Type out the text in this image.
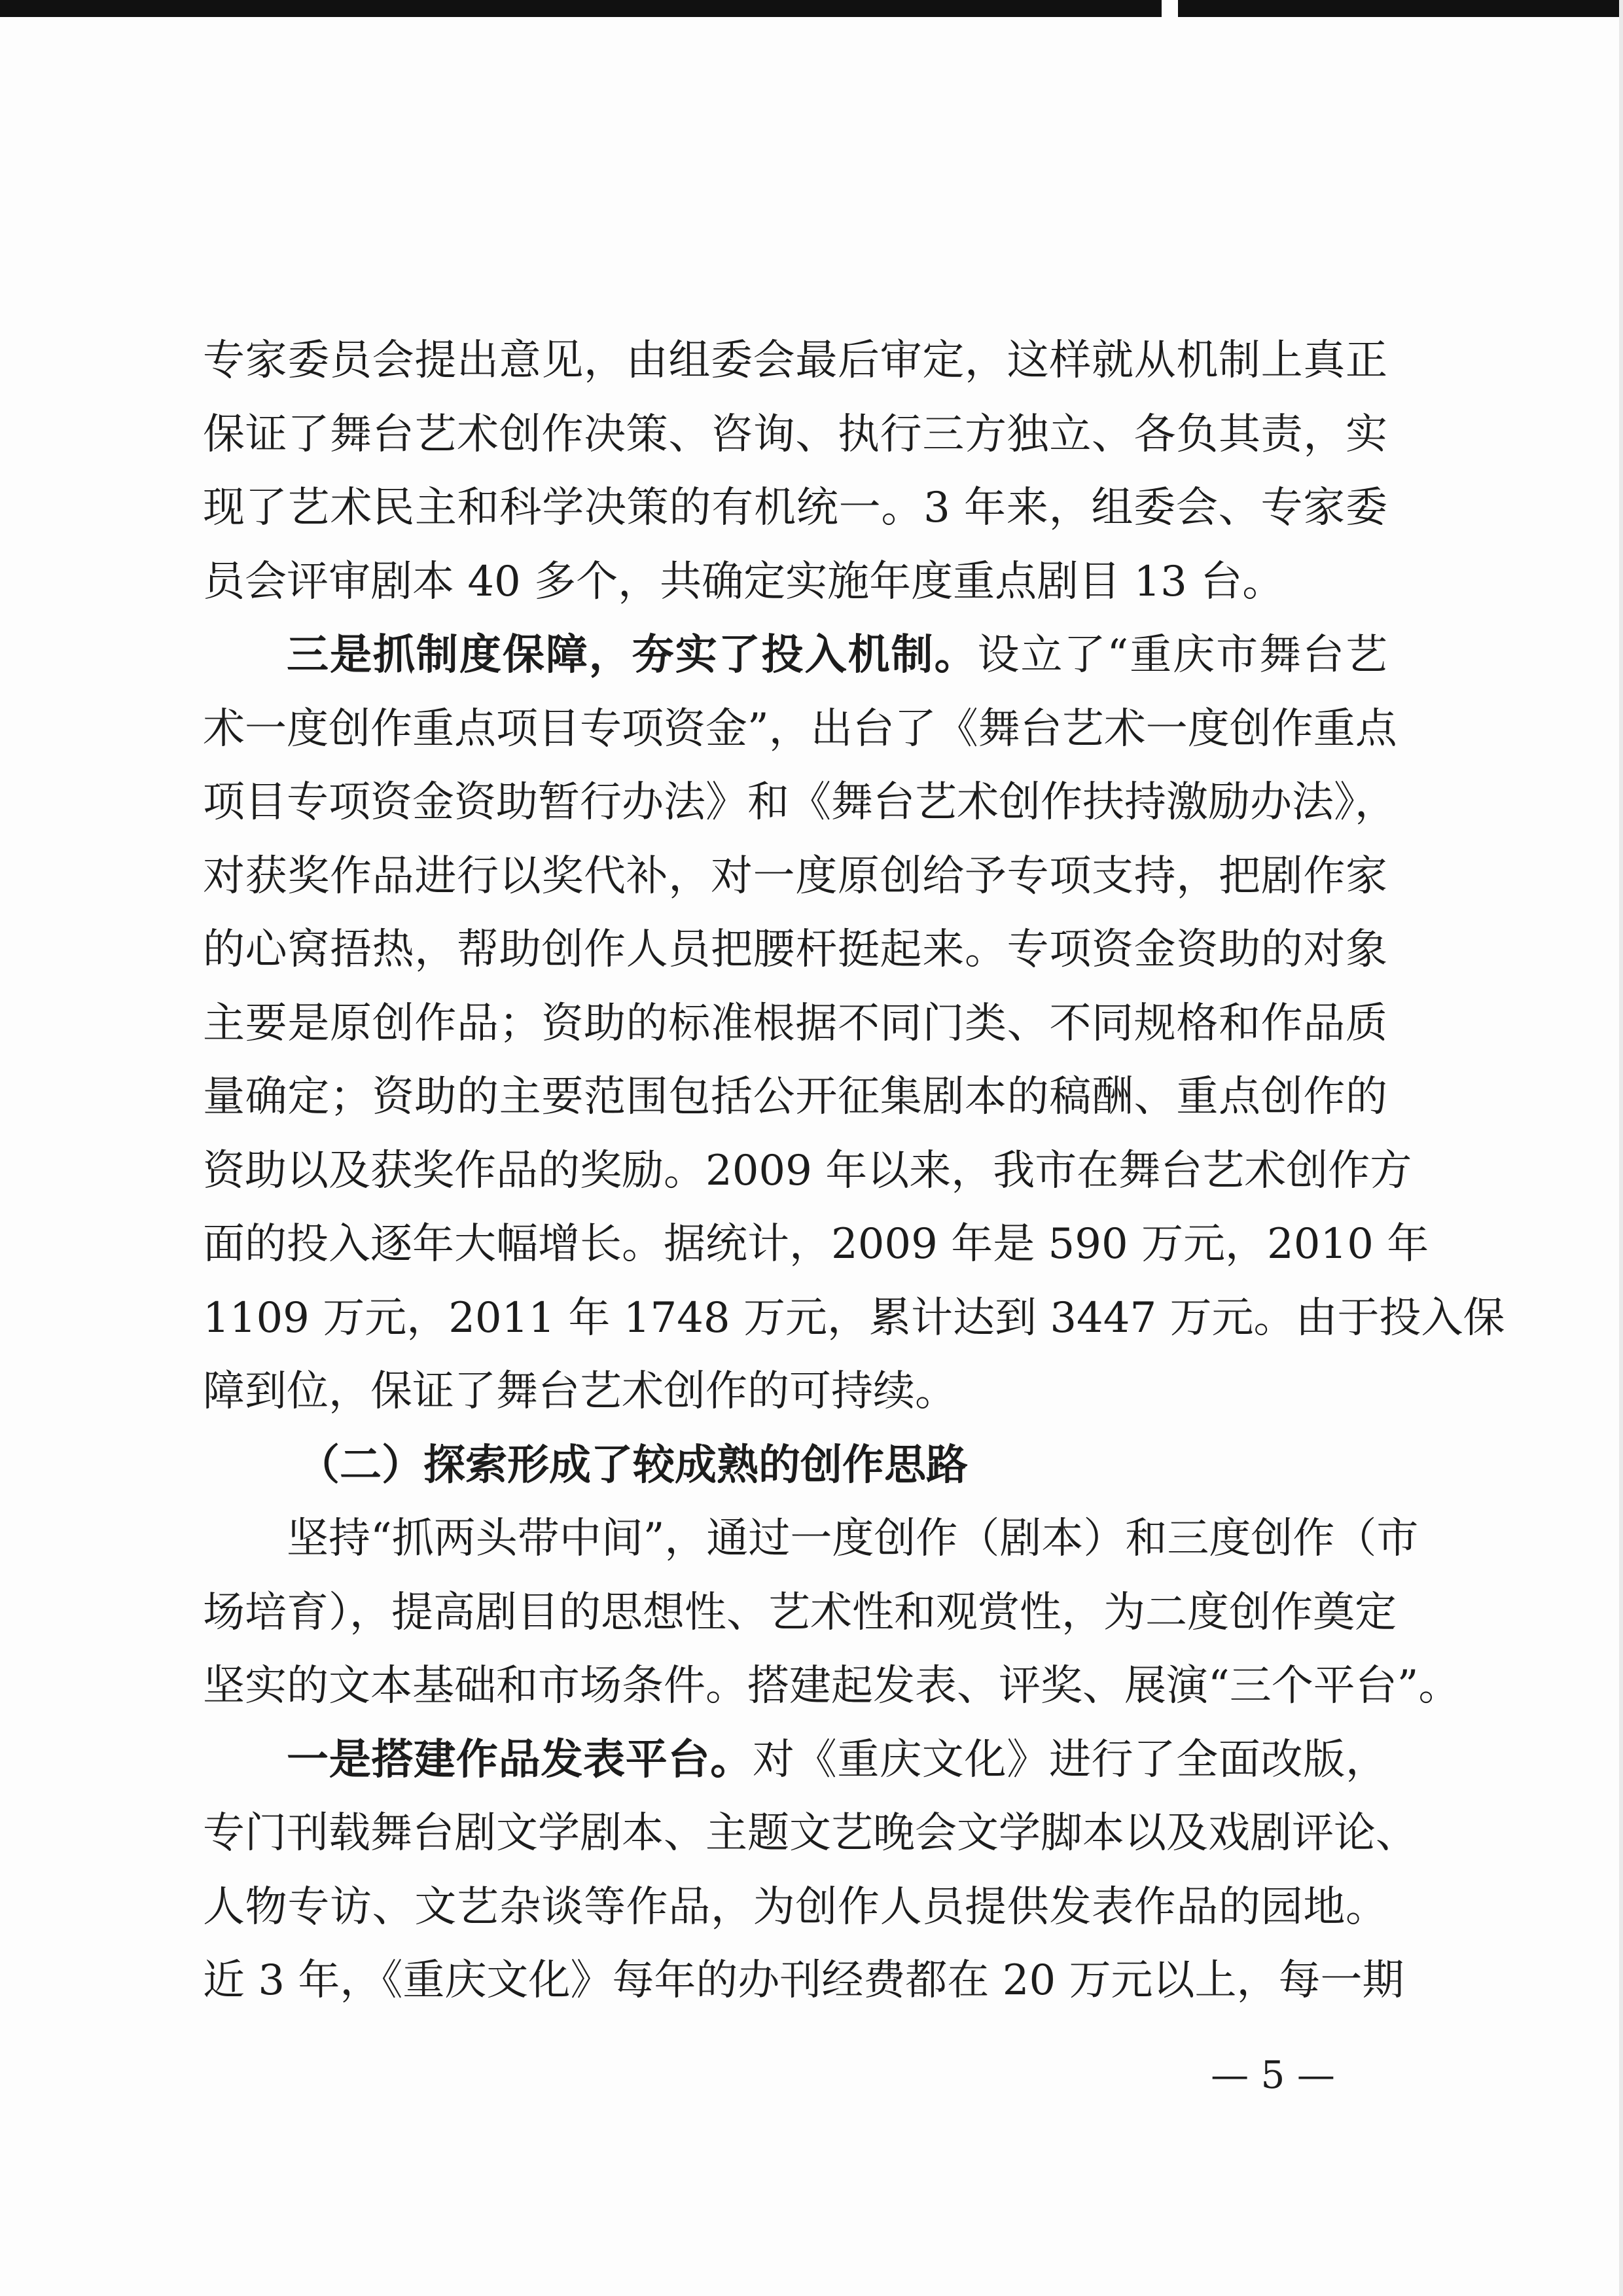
专家委员会提出意见，由组委会最后审定，这样就从机制上真正
保证了舞台艺术创作决策、咨询、执行三方独立、各负其责，实
现了艺术民主和科学决策的有机统一。3 年来，组委会、专家委
员会评审剧本 40 多个，共确定实施年度重点剧目 13 台。
三是抓制度保障，夯实了投入机制。设立了“重庆市舞台艺
术一度创作重点项目专项资金”，出台了《舞台艺术一度创作重点
项目专项资金资助暂行办法》和《舞台艺术创作扶持激励办法》，
对获奖作品进行以奖代补，对一度原创给予专项支持，把剧作家
的心窝捂热，帮助创作人员把腰杆挺起来。专项资金资助的对象
主要是原创作品；资助的标准根据不同门类、不同规格和作品质
量确定；资助的主要范围包括公开征集剧本的稿酬、重点创作的
资助以及获奖作品的奖励。2009 年以来，我市在舞台艺术创作方
面的投入逐年大幅增长。据统计，2009 年是 590 万元，2010 年
1109 万元，2011 年 1748 万元，累计达到 3447 万元。由于投入保
障到位，保证了舞台艺术创作的可持续。
（二）探索形成了较成熟的创作思路
坚持“抓两头带中间”，通过一度创作（剧本）和三度创作（市
场培育），提高剧目的思想性、艺术性和观赏性，为二度创作奠定
坚实的文本基础和市场条件。搭建起发表、评奖、展演“三个平台”。
一是搭建作品发表平台。对《重庆文化》进行了全面改版，
专门刊载舞台剧文学剧本、主题文艺晚会文学脚本以及戏剧评论、
人物专访、文艺杂谈等作品，为创作人员提供发表作品的园地。
近 3 年，《重庆文化》每年的办刊经费都在 20 万元以上，每一期
— 5 —
